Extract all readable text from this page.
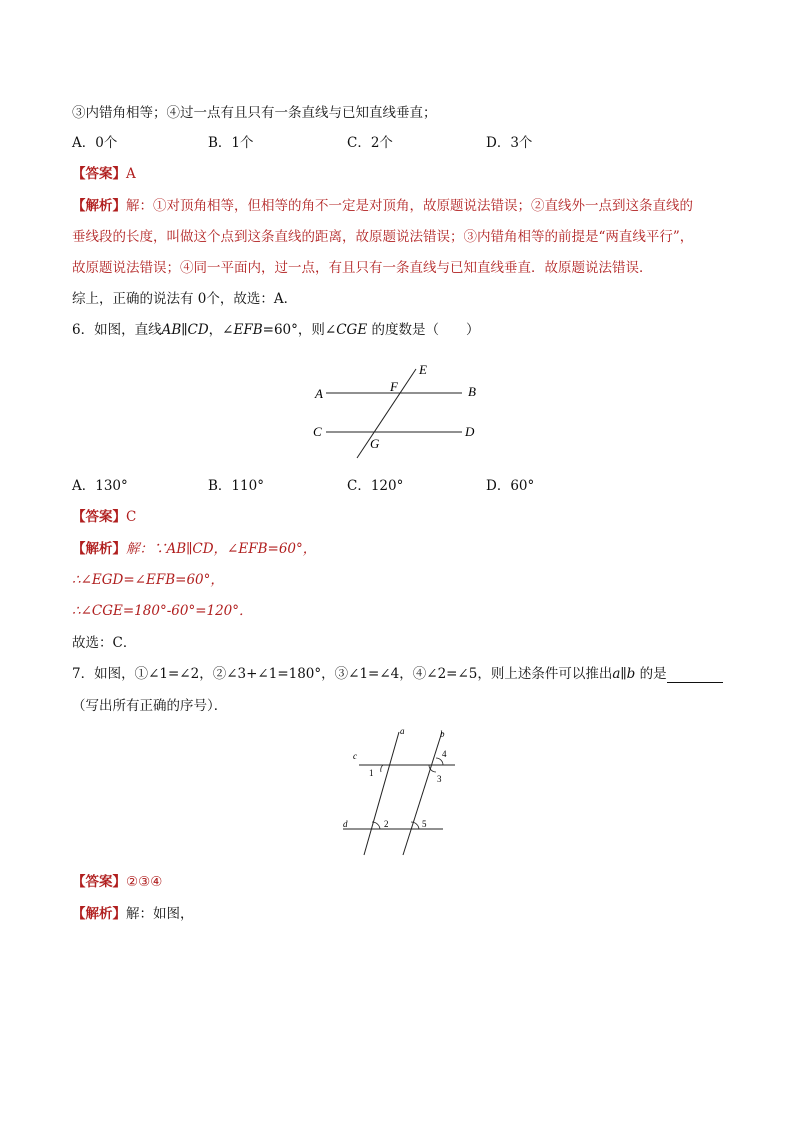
③内错角相等；④过一点有且只有一条直线与已知直线垂直；
A．0个	B．1个	C．2个	D．3个
【答案】A
【解析】解：①对顶角相等，但相等的角不一定是对顶角，故原题说法错误；②直线外一点到这条直线的
垂线段的长度，叫做这个点到这条直线的距离，故原题说法错误；③内错角相等的前提是“两直线平行”，
故原题说法错误；④同一平面内，过一点，有且只有一条直线与已知直线垂直．故原题说法错误．
综上，正确的说法有 0个，故选：A．
6．如图，直线AB∥CD，∠EFB=60°，则∠CGE 的度数是（　　）
A	B
C	D
E
F
G
A．130°	B．110°	C．120°	D．60°
【答案】C
【解析】解：∵AB∥CD，∠EFB=60°，
∴∠EGD=∠EFB=60°，
∴∠CGE=180°-60°=120°．
故选：C．
7．如图，①∠1=∠2，②∠3+∠1=180°，③∠1=∠4，④∠2=∠5，则上述条件可以推出a∥b 的是
（写出所有正确的序号）．
a	b
c
d
1
2
3
4
5
【答案】②③④
【解析】解：如图，
